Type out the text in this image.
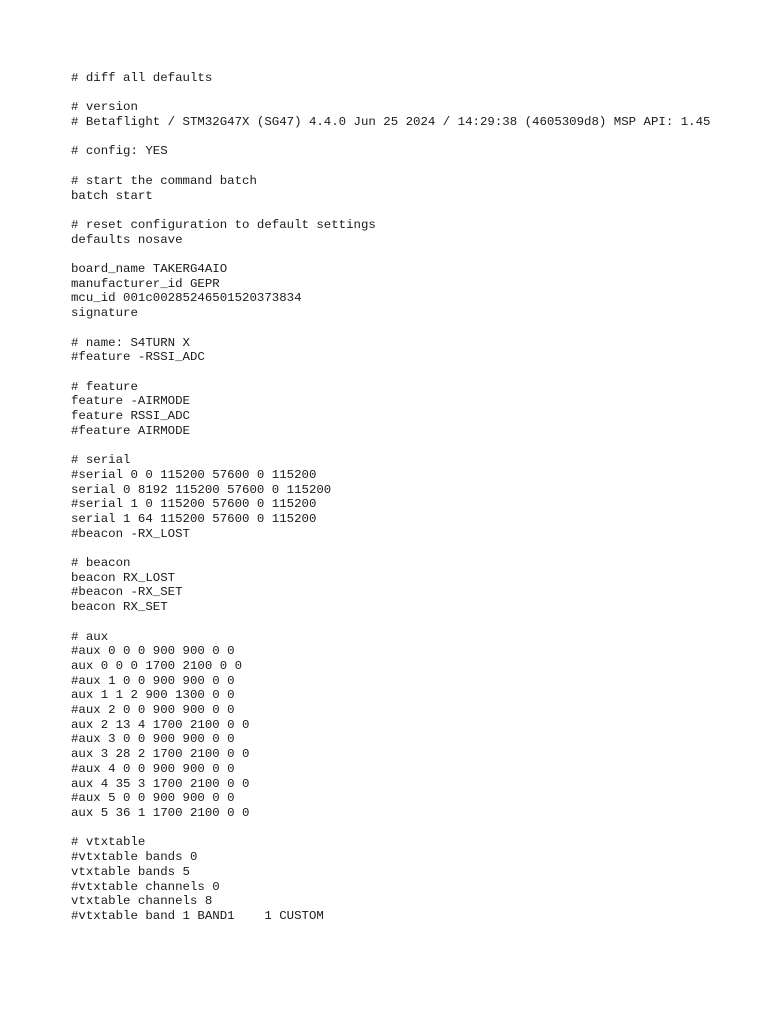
# diff all defaults
# version
# Betaflight / STM32G47X (SG47) 4.4.0 Jun 25 2024 / 14:29:38 (4605309d8) MSP API: 1.45
# config: YES
# start the command batch
batch start
# reset configuration to default settings
defaults nosave
board_name TAKERG4AIO
manufacturer_id GEPR
mcu_id 001c00285246501520373834
signature
# name: S4TURN X
#feature -RSSI_ADC
# feature
feature -AIRMODE
feature RSSI_ADC
#feature AIRMODE
# serial
#serial 0 0 115200 57600 0 115200
serial 0 8192 115200 57600 0 115200
#serial 1 0 115200 57600 0 115200
serial 1 64 115200 57600 0 115200
#beacon -RX_LOST
# beacon
beacon RX_LOST
#beacon -RX_SET
beacon RX_SET
# aux
#aux 0 0 0 900 900 0 0
aux 0 0 0 1700 2100 0 0
#aux 1 0 0 900 900 0 0
aux 1 1 2 900 1300 0 0
#aux 2 0 0 900 900 0 0
aux 2 13 4 1700 2100 0 0
#aux 3 0 0 900 900 0 0
aux 3 28 2 1700 2100 0 0
#aux 4 0 0 900 900 0 0
aux 4 35 3 1700 2100 0 0
#aux 5 0 0 900 900 0 0
aux 5 36 1 1700 2100 0 0
# vtxtable
#vtxtable bands 0
vtxtable bands 5
#vtxtable channels 0
vtxtable channels 8
#vtxtable band 1 BAND1    1 CUSTOM
